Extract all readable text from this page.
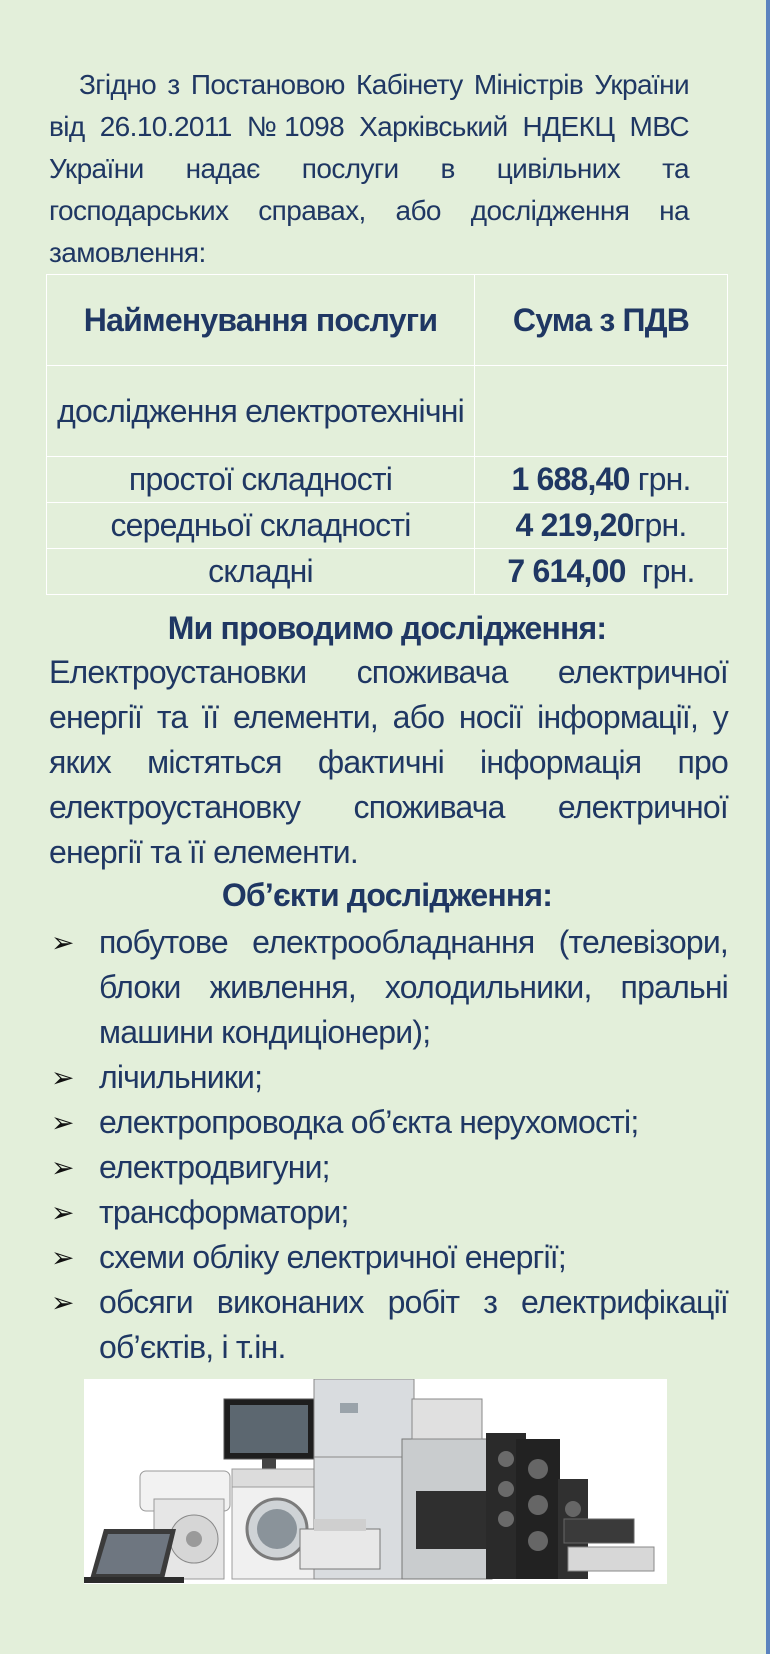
Згідно з Постановою Кабінету Міністрів України від 26.10.2011 №1098 Харківський НДЕКЦ МВС України надає послуги в цивільних та господарських справах, або дослідження на замовлення:

Найменування послуги	Сума з ПДВ
дослідження електротехнічні	
простої складності	1 688,40 грн.
середньої складності	4 219,20грн.
складні	7 614,00  грн.

Ми проводимо дослідження:

Електроустановки споживача електричної енергії та її елементи, або носії інформації, у яких містяться фактичні інформація про електроустановку споживача електричної енергії та її елементи.

Об’єкти дослідження:

➢ побутове електрообладнання (телевізори, блоки живлення, холодильники, пральні машини кондиціонери);
➢ лічильники;
➢ електропроводка об’єкта нерухомості;
➢ електродвигуни;
➢ трансформатори;
➢ схеми обліку електричної енергії;
➢ обсяги виконаних робіт з електрифікації об’єктів, і т.ін.
